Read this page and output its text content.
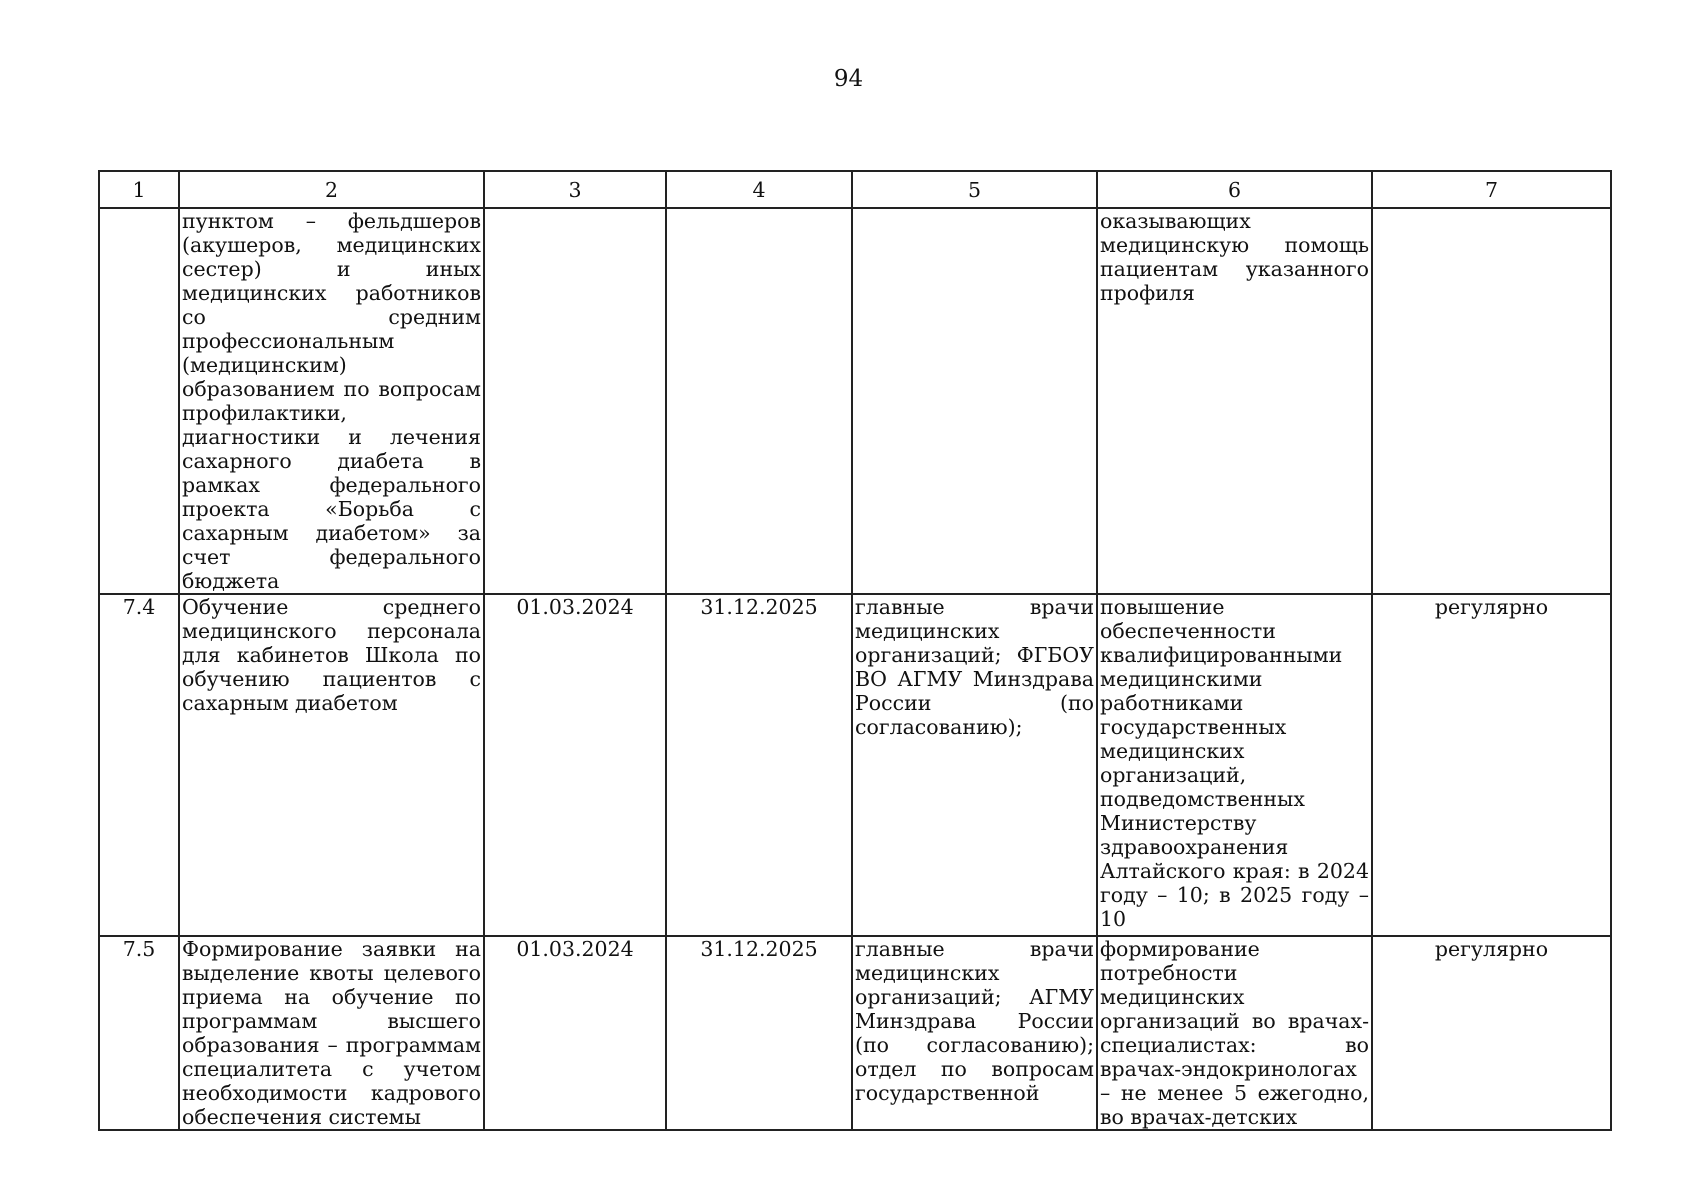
94
1	2	3	4	5	6	7
	пунктом – фельдшеров (акушеров, медицинских сестер) и иных медицинских работников со средним профессиональным (медицинским) образованием по вопросам профилактики, диагностики и лечения сахарного диабета в рамках федерального проекта «Борьба с сахарным диабетом» за счет федерального бюджета				оказывающих медицинскую помощь пациентам указанного профиля	
7.4	Обучение среднего медицинского персонала для кабинетов Школа по обучению пациентов с сахарным диабетом	01.03.2024	31.12.2025	главные врачи медицинских организаций; ФГБОУ ВО АГМУ Минздрава России (по согласованию);	повышение обеспеченности квалифицированными медицинскими работниками государственных медицинских организаций, подведомственных Министерству здравоохранения Алтайского края: в 2024 году – 10; в 2025 году – 10	регулярно
7.5	Формирование заявки на выделение квоты целевого приема на обучение по программам высшего образования – программам специалитета с учетом необходимости кадрового обеспечения системы	01.03.2024	31.12.2025	главные врачи медицинских организаций; АГМУ Минздрава России (по согласованию); отдел по вопросам государственной	формирование потребности медицинских организаций во врачах-специалистах: во врачах-эндокринологах – не менее 5 ежегодно, во врачах-детских	регулярно
